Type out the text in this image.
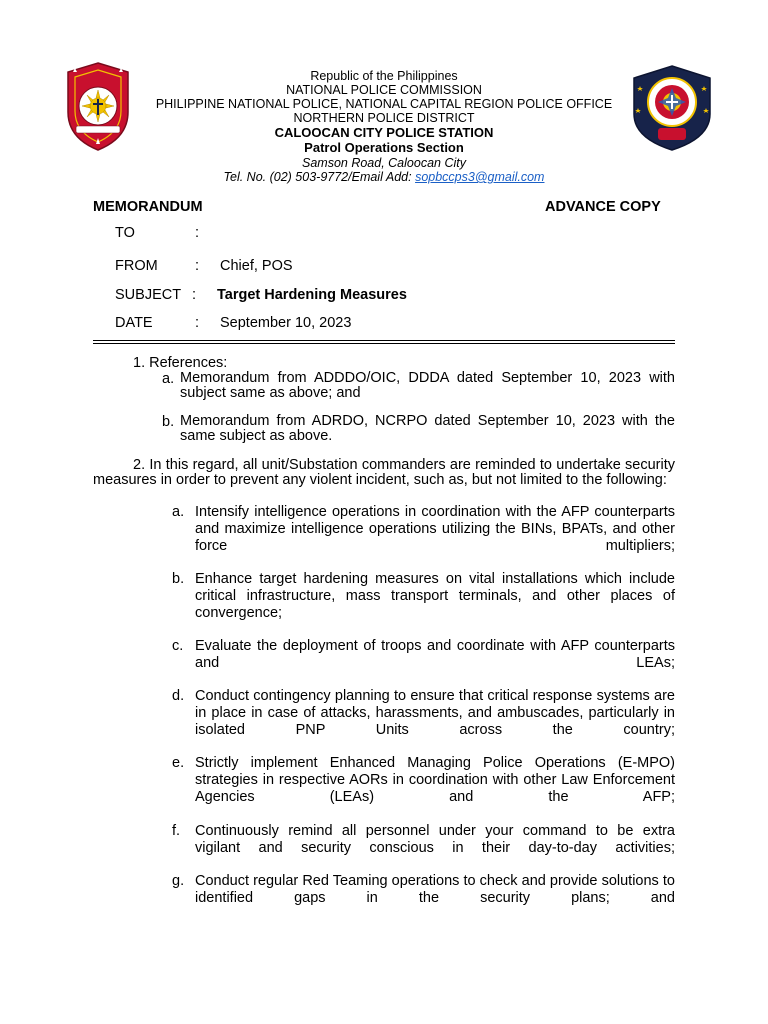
Republic of the Philippines
NATIONAL POLICE COMMISSION
PHILIPPINE NATIONAL POLICE, NATIONAL CAPITAL REGION POLICE OFFICE
NORTHERN POLICE DISTRICT
CALOOCAN CITY POLICE STATION
Patrol Operations Section
Samson Road, Caloocan City
Tel. No. (02) 503-9772/Email Add: sopbccps3@gmail.com
MEMORANDUM	ADVANCE COPY
TO	:
FROM	: Chief, POS
SUBJECT : Target Hardening Measures
DATE	: September 10, 2023
1. References:
a. Memorandum from ADDDO/OIC, DDDA dated September 10, 2023 with subject same as above; and
b. Memorandum from ADRDO, NCRPO dated September 10, 2023 with the same subject as above.
2. In this regard, all unit/Substation commanders are reminded to undertake security measures in order to prevent any violent incident, such as, but not limited to the following:
a. Intensify intelligence operations in coordination with the AFP counterparts and maximize intelligence operations utilizing the BINs, BPATs, and other force multipliers;
b. Enhance target hardening measures on vital installations which include critical infrastructure, mass transport terminals, and other places of convergence;
c. Evaluate the deployment of troops and coordinate with AFP counterparts and LEAs;
d. Conduct contingency planning to ensure that critical response systems are in place in case of attacks, harassments, and ambuscades, particularly in isolated PNP Units across the country;
e. Strictly implement Enhanced Managing Police Operations (E-MPO) strategies in respective AORs in coordination with other Law Enforcement Agencies (LEAs) and the AFP;
f. Continuously remind all personnel under your command to be extra vigilant and security conscious in their day-to-day activities;
g. Conduct regular Red Teaming operations to check and provide solutions to identified gaps in the security plans; and
